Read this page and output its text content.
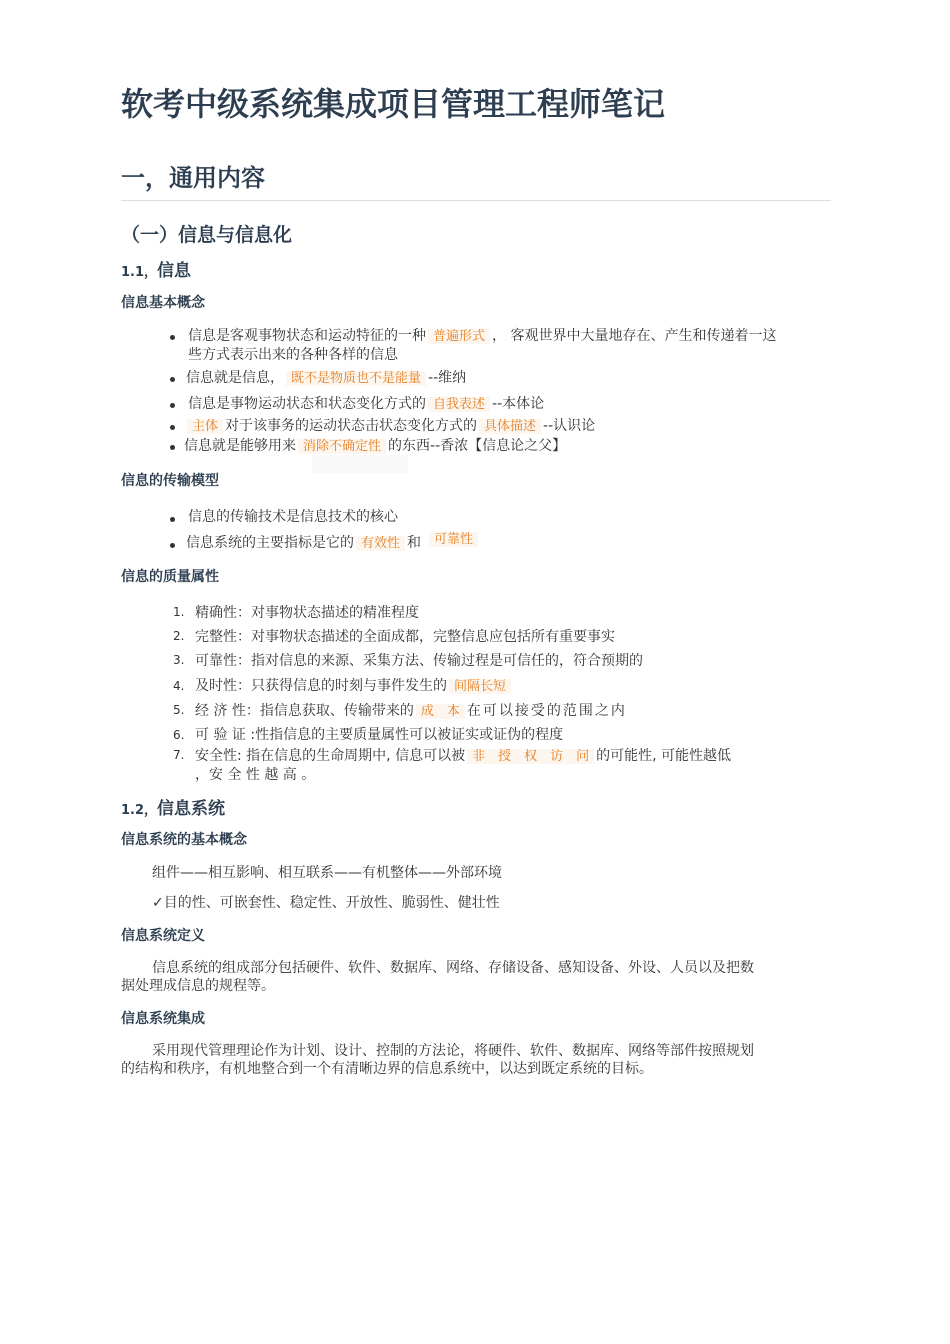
软考中级系统集成项目管理工程师笔记
一，通用内容
（一）信息与信息化
1.1，信息
信息基本概念
信息是客观事物状态和运动特征的一种 普遍形式 ， 客观世界中大量地存在、产生和传递着一这
些方式表示出来的各种各样的信息
信息就是信息， 既不是物质也不是能量 --维纳
信息是事物运动状态和状态变化方式的 自我表述 --本体论
主体 对于该事务的运动状态击状态变化方式的 具体描述 --认识论
信息就是能够用来 消除不确定性 的东西--香浓【信息论之父】
信息的传输模型
信息的传输技术是信息技术的核心
信息系统的主要指标是它的 有效性 和 可靠性
信息的质量属性
1. 精确性：对事物状态描述的精准程度
2. 完整性：对事物状态描述的全面成都，完整信息应包括所有重要事实
3. 可靠性：指对信息的来源、采集方法、传输过程是可信任的，符合预期的
4. 及时性：只获得信息的时刻与事件发生的 间隔长短
5. 经 济 性：指信息获取、传输带来的 成　本 在可以接受的范围之内
6. 可 验 证 :性指信息的主要质量属性可以被证实或证伪的程度
7. 安全性: 指在信息的生命周期中, 信息可以被 非　授　权　访　问 的可能性, 可能性越低
，安 全 性 越 高 。
1.2，信息系统
信息系统的基本概念
组件——相互影响、相互联系——有机整体——外部环境
✓目的性、可嵌套性、稳定性、开放性、脆弱性、健壮性
信息系统定义
信息系统的组成部分包括硬件、软件、数据库、网络、存储设备、感知设备、外设、人员以及把数
据处理成信息的规程等。
信息系统集成
采用现代管理理论作为计划、设计、控制的方法论，将硬件、软件、数据库、网络等部件按照规划
的结构和秩序，有机地整合到一个有清晰边界的信息系统中，以达到既定系统的目标。
